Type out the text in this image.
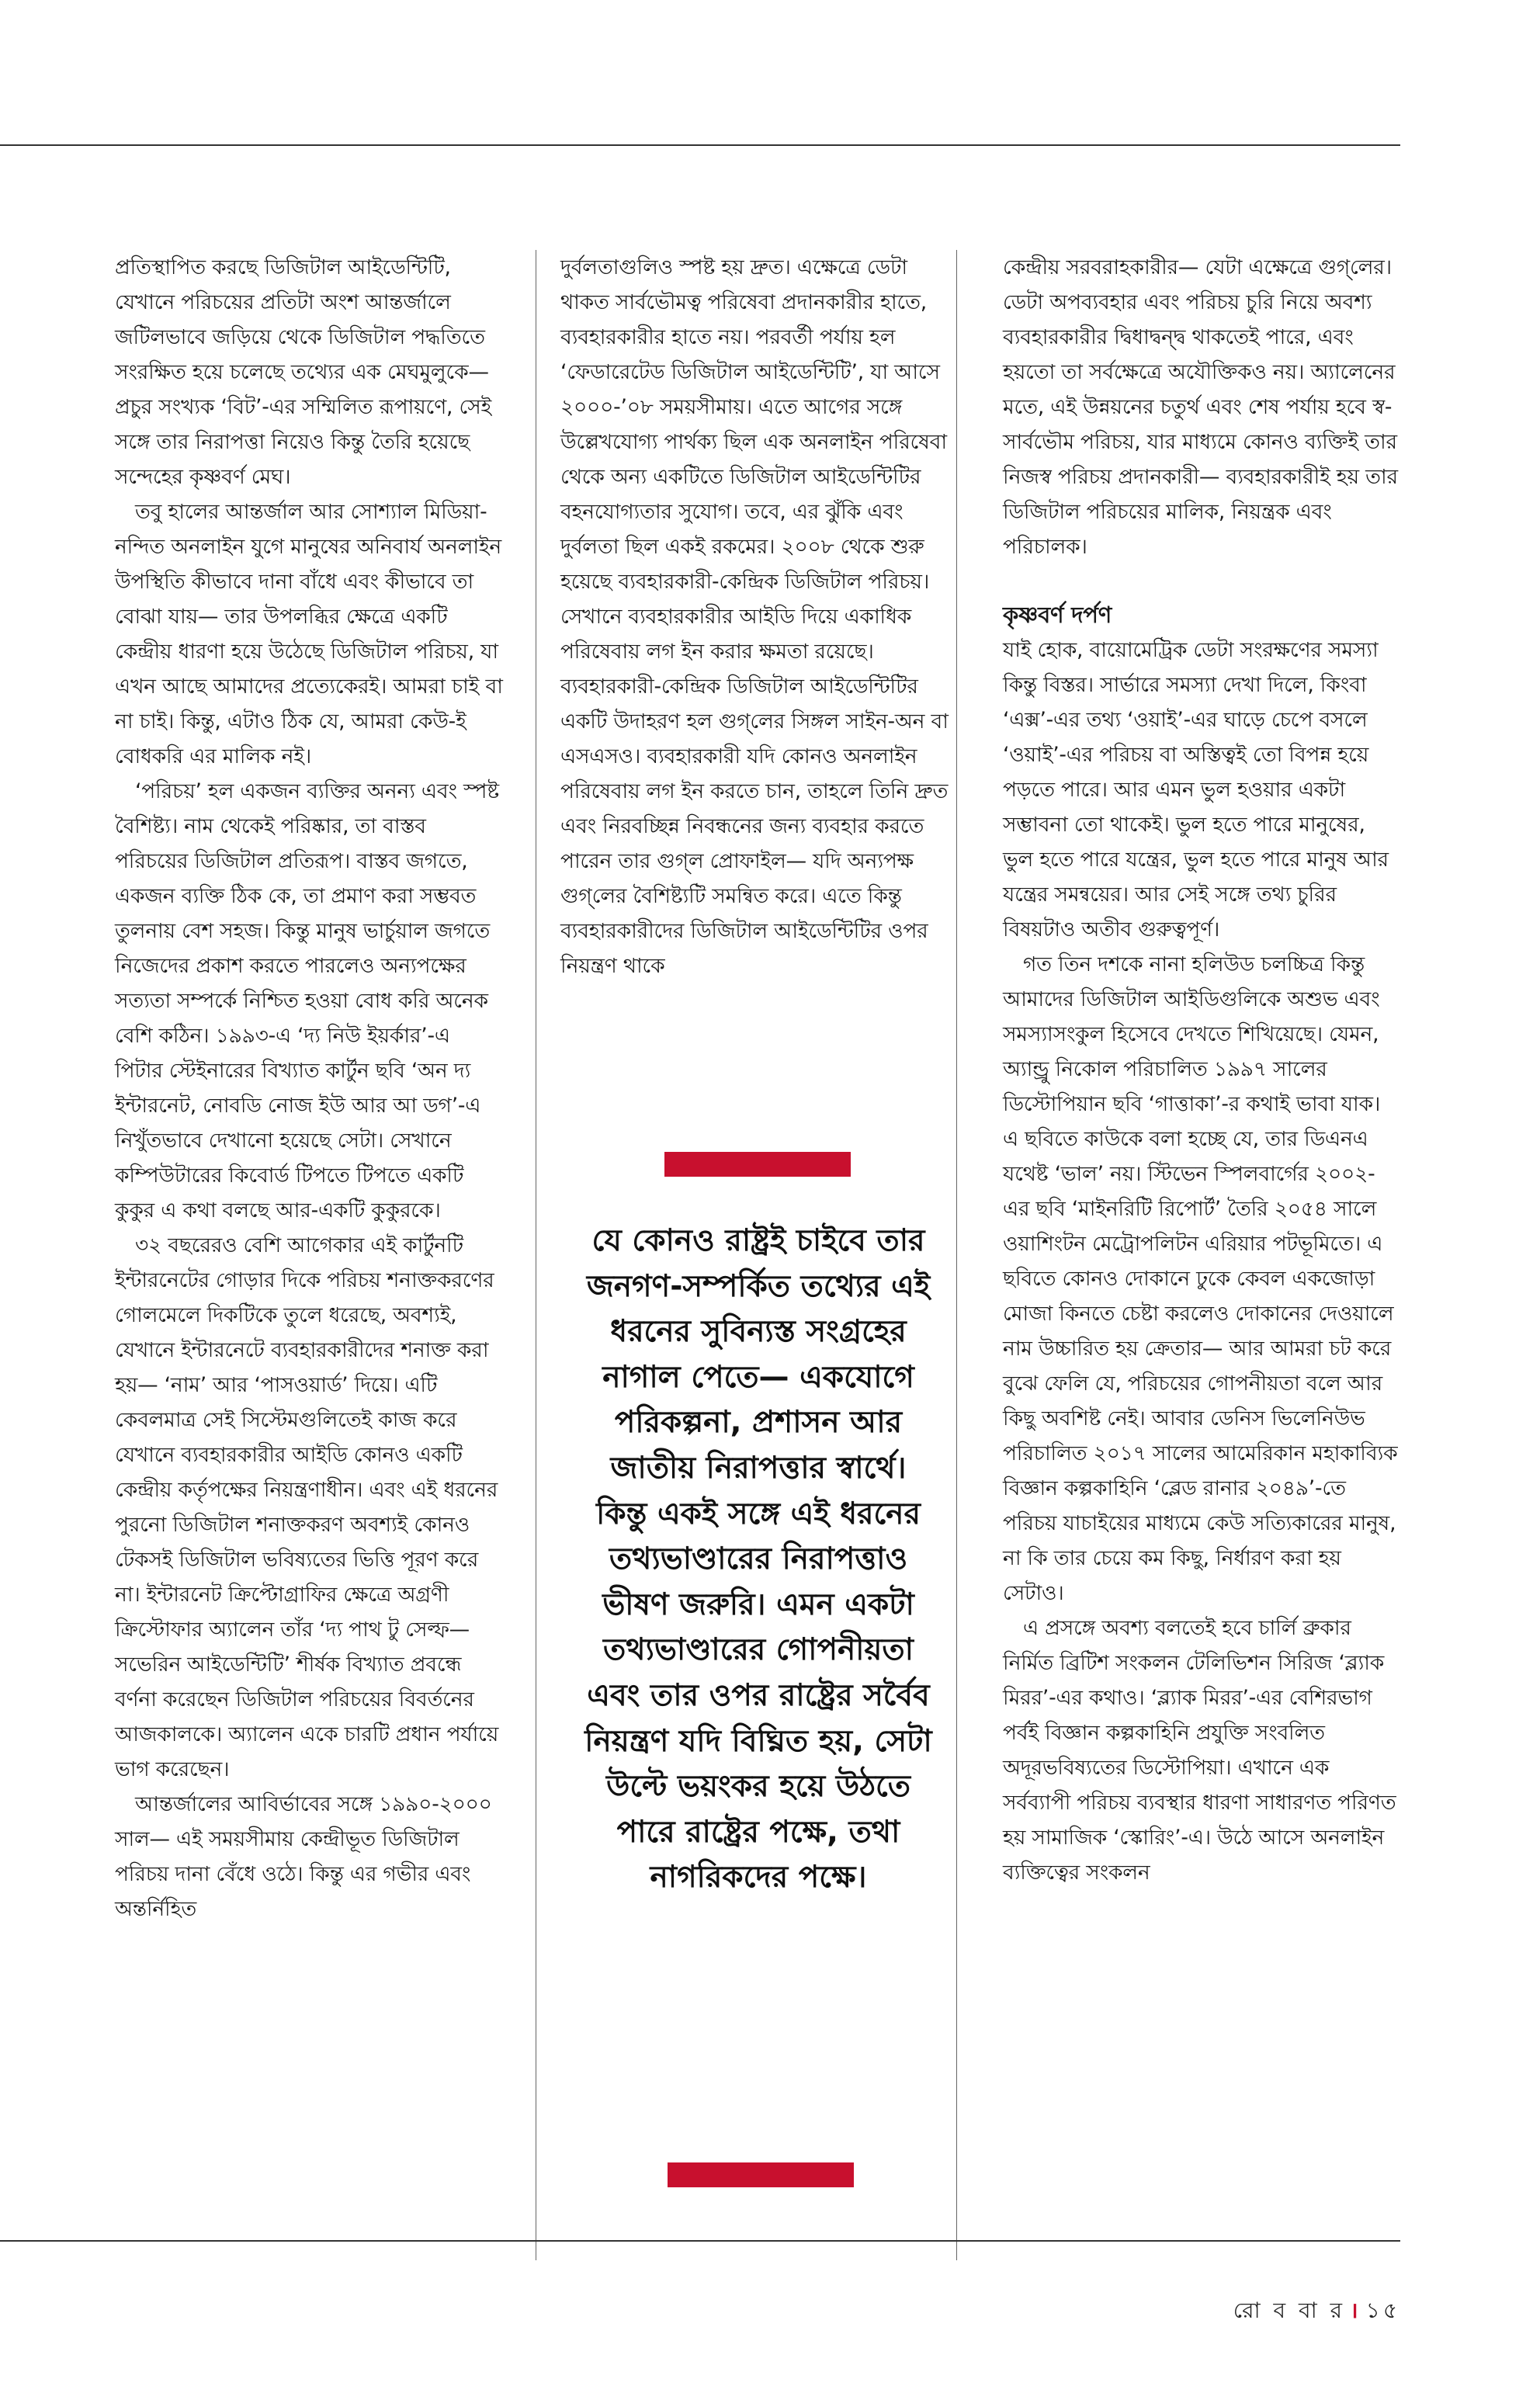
প্রতিস্থাপিত করছে ডিজিটাল আইডেন্টিটি, যেখানে পরিচয়ের প্রতিটা অংশ আন্তর্জালে জটিলভাবে জড়িয়ে থেকে ডিজিটাল পদ্ধতিতে সংরক্ষিত হয়ে চলেছে তথ্যের এক মেঘমুলুকে— প্রচুর সংখ্যক ‘বিট’-এর সম্মিলিত রূপায়ণে, সেই সঙ্গে তার নিরাপত্তা নিয়েও কিন্তু তৈরি হয়েছে সন্দেহের কৃষ্ণবর্ণ মেঘ।

তবু হালের আন্তর্জাল আর সোশ্যাল মিডিয়া-নন্দিত অনলাইন যুগে মানুষের অনিবার্য অনলাইন উপস্থিতি কীভাবে দানা বাঁধে এবং কীভাবে তা বোঝা যায়— তার উপলব্ধির ক্ষেত্রে একটি কেন্দ্রীয় ধারণা হয়ে উঠেছে ডিজিটাল পরিচয়, যা এখন আছে আমাদের প্রত্যেকেরই। আমরা চাই বা না চাই। কিন্তু, এটাও ঠিক যে, আমরা কেউ-ই বোধকরি এর মালিক নই।

‘পরিচয়’ হল একজন ব্যক্তির অনন্য এবং স্পষ্ট বৈশিষ্ট্য। নাম থেকেই পরিষ্কার, তা বাস্তব পরিচয়ের ডিজিটাল প্রতিরূপ। বাস্তব জগতে, একজন ব্যক্তি ঠিক কে, তা প্রমাণ করা সম্ভবত তুলনায় বেশ সহজ। কিন্তু মানুষ ভার্চুয়াল জগতে নিজেদের প্রকাশ করতে পারলেও অন্যপক্ষের সত্যতা সম্পর্কে নিশ্চিত হওয়া বোধ করি অনেক বেশি কঠিন। ১৯৯৩-এ ‘দ্য নিউ ইয়র্কার’-এ পিটার স্টেইনারের বিখ্যাত কার্টুন ছবি ‘অন দ্য ইন্টারনেট, নোবডি নোজ ইউ আর আ ডগ’-এ নিখুঁতভাবে দেখানো হয়েছে সেটা। সেখানে কম্পিউটারের কিবোর্ড টিপতে টিপতে একটি কুকুর এ কথা বলছে আর-একটি কুকুরকে।

৩২ বছরেরও বেশি আগেকার এই কার্টুনটি ইন্টারনেটের গোড়ার দিকে পরিচয় শনাক্তকরণের গোলমেলে দিকটিকে তুলে ধরেছে, অবশ্যই, যেখানে ইন্টারনেটে ব্যবহারকারীদের শনাক্ত করা হয়— ‘নাম’ আর ‘পাসওয়ার্ড’ দিয়ে। এটি কেবলমাত্র সেই সিস্টেমগুলিতেই কাজ করে যেখানে ব্যবহারকারীর আইডি কোনও একটি কেন্দ্রীয় কর্তৃপক্ষের নিয়ন্ত্রণাধীন। এবং এই ধরনের পুরনো ডিজিটাল শনাক্তকরণ অবশ্যই কোনও টেকসই ডিজিটাল ভবিষ্যতের ভিত্তি পূরণ করে না। ইন্টারনেট ক্রিপ্টোগ্রাফির ক্ষেত্রে অগ্রণী ক্রিস্টোফার অ্যালেন তাঁর ‘দ্য পাথ টু সেল্ফ— সভেরিন আইডেন্টিটি’ শীর্ষক বিখ্যাত প্রবন্ধে বর্ণনা করেছেন ডিজিটাল পরিচয়ের বিবর্তনের আজকালকে। অ্যালেন একে চারটি প্রধান পর্যায়ে ভাগ করেছেন।

আন্তর্জালের আবির্ভাবের সঙ্গে ১৯৯০-২০০০ সাল— এই সময়সীমায় কেন্দ্রীভূত ডিজিটাল পরিচয় দানা বেঁধে ওঠে। কিন্তু এর গভীর এবং অন্তর্নিহিত

দুর্বলতাগুলিও স্পষ্ট হয় দ্রুত। এক্ষেত্রে ডেটা থাকত সার্বভৌমত্ব পরিষেবা প্রদানকারীর হাতে, ব্যবহারকারীর হাতে নয়। পরবর্তী পর্যায় হল ‘ফেডারেটেড ডিজিটাল আইডেন্টিটি’, যা আসে ২০০০-’০৮ সময়সীমায়। এতে আগের সঙ্গে উল্লেখযোগ্য পার্থক্য ছিল এক অনলাইন পরিষেবা থেকে অন্য একটিতে ডিজিটাল আইডেন্টিটির বহনযোগ্যতার সুযোগ। তবে, এর ঝুঁকি এবং দুর্বলতা ছিল একই রকমের। ২০০৮ থেকে শুরু হয়েছে ব্যবহারকারী-কেন্দ্রিক ডিজিটাল পরিচয়। সেখানে ব্যবহারকারীর আইডি দিয়ে একাধিক পরিষেবায় লগ ইন করার ক্ষমতা রয়েছে। ব্যবহারকারী-কেন্দ্রিক ডিজিটাল আইডেন্টিটির একটি উদাহরণ হল গুগ্‌লের সিঙ্গল সাইন-অন বা এসএসও। ব্যবহারকারী যদি কোনও অনলাইন পরিষেবায় লগ ইন করতে চান, তাহলে তিনি দ্রুত এবং নিরবচ্ছিন্ন নিবন্ধনের জন্য ব্যবহার করতে পারেন তার গুগ্‌ল প্রোফাইল— যদি অন্যপক্ষ গুগ্‌লের বৈশিষ্ট্যটি সমন্বিত করে। এতে কিন্তু ব্যবহারকারীদের ডিজিটাল আইডেন্টিটির ওপর নিয়ন্ত্রণ থাকে

যে কোনও রাষ্ট্রই চাইবে তার জনগণ-সম্পর্কিত তথ্যের এই ধরনের সুবিন্যস্ত সংগ্রহের নাগাল পেতে— একযোগে পরিকল্পনা, প্রশাসন আর জাতীয় নিরাপত্তার স্বার্থে। কিন্তু একই সঙ্গে এই ধরনের তথ্যভাণ্ডারের নিরাপত্তাও ভীষণ জরুরি। এমন একটা তথ্যভাণ্ডারের গোপনীয়তা এবং তার ওপর রাষ্ট্রের সর্বৈব নিয়ন্ত্রণ যদি বিঘ্নিত হয়, সেটা উল্টে ভয়ংকর হয়ে উঠতে পারে রাষ্ট্রের পক্ষে, তথা নাগরিকদের পক্ষে।

কেন্দ্রীয় সরবরাহকারীর— যেটা এক্ষেত্রে গুগ্‌লের। ডেটা অপব্যবহার এবং পরিচয় চুরি নিয়ে অবশ্য ব্যবহারকারীর দ্বিধাদ্বন্দ্ব থাকতেই পারে, এবং হয়তো তা সর্বক্ষেত্রে অযৌক্তিকও নয়। অ্যালেনের মতে, এই উন্নয়নের চতুর্থ এবং শেষ পর্যায় হবে স্ব-সার্বভৌম পরিচয়, যার মাধ্যমে কোনও ব্যক্তিই তার নিজস্ব পরিচয় প্রদানকারী— ব্যবহারকারীই হয় তার ডিজিটাল পরিচয়ের মালিক, নিয়ন্ত্রক এবং পরিচালক।

কৃষ্ণবর্ণ দর্পণ

যাই হোক, বায়োমেট্রিক ডেটা সংরক্ষণের সমস্যা কিন্তু বিস্তর। সার্ভারে সমস্যা দেখা দিলে, কিংবা ‘এক্স’-এর তথ্য ‘ওয়াই’-এর ঘাড়ে চেপে বসলে ‘ওয়াই’-এর পরিচয় বা অস্তিত্বই তো বিপন্ন হয়ে পড়তে পারে। আর এমন ভুল হওয়ার একটা সম্ভাবনা তো থাকেই। ভুল হতে পারে মানুষের, ভুল হতে পারে যন্ত্রের, ভুল হতে পারে মানুষ আর যন্ত্রের সমন্বয়ের। আর সেই সঙ্গে তথ্য চুরির বিষয়টাও অতীব গুরুত্বপূর্ণ।

গত তিন দশকে নানা হলিউড চলচ্চিত্র কিন্তু আমাদের ডিজিটাল আইডিগুলিকে অশুভ এবং সমস্যাসংকুল হিসেবে দেখতে শিখিয়েছে। যেমন, অ্যান্ড্রু নিকোল পরিচালিত ১৯৯৭ সালের ডিস্টোপিয়ান ছবি ‘গাত্তাকা’-র কথাই ভাবা যাক। এ ছবিতে কাউকে বলা হচ্ছে যে, তার ডিএনএ যথেষ্ট ‘ভাল’ নয়। স্টিভেন স্পিলবার্গের ২০০২-এর ছবি ‘মাইনরিটি রিপোর্ট’ তৈরি ২০৫৪ সালে ওয়াশিংটন মেট্রোপলিটন এরিয়ার পটভূমিতে। এ ছবিতে কোনও দোকানে ঢুকে কেবল একজোড়া মোজা কিনতে চেষ্টা করলেও দোকানের দেওয়ালে নাম উচ্চারিত হয় ক্রেতার— আর আমরা চট করে বুঝে ফেলি যে, পরিচয়ের গোপনীয়তা বলে আর কিছু অবশিষ্ট নেই। আবার ডেনিস ভিলেনিউভ পরিচালিত ২০১৭ সালের আমেরিকান মহাকাব্যিক বিজ্ঞান কল্পকাহিনি ‘ব্লেড রানার ২০৪৯’-তে পরিচয় যাচাইয়ের মাধ্যমে কেউ সত্যিকারের মানুষ, না কি তার চেয়ে কম কিছু, নির্ধারণ করা হয় সেটাও।

এ প্রসঙ্গে অবশ্য বলতেই হবে চার্লি ব্রুকার নির্মিত ব্রিটিশ সংকলন টেলিভিশন সিরিজ ‘ব্ল্যাক মিরর’-এর কথাও। ‘ব্ল্যাক মিরর’-এর বেশিরভাগ পর্বই বিজ্ঞান কল্পকাহিনি প্রযুক্তি সংবলিত অদূরভবিষ্যতের ডিস্টোপিয়া। এখানে এক সর্বব্যাপী পরিচয় ব্যবস্থার ধারণা সাধারণত পরিণত হয় সামাজিক ‘স্কোরিং’-এ। উঠে আসে অনলাইন ব্যক্তিত্বের সংকলন

রো ব বা র । ১৫
